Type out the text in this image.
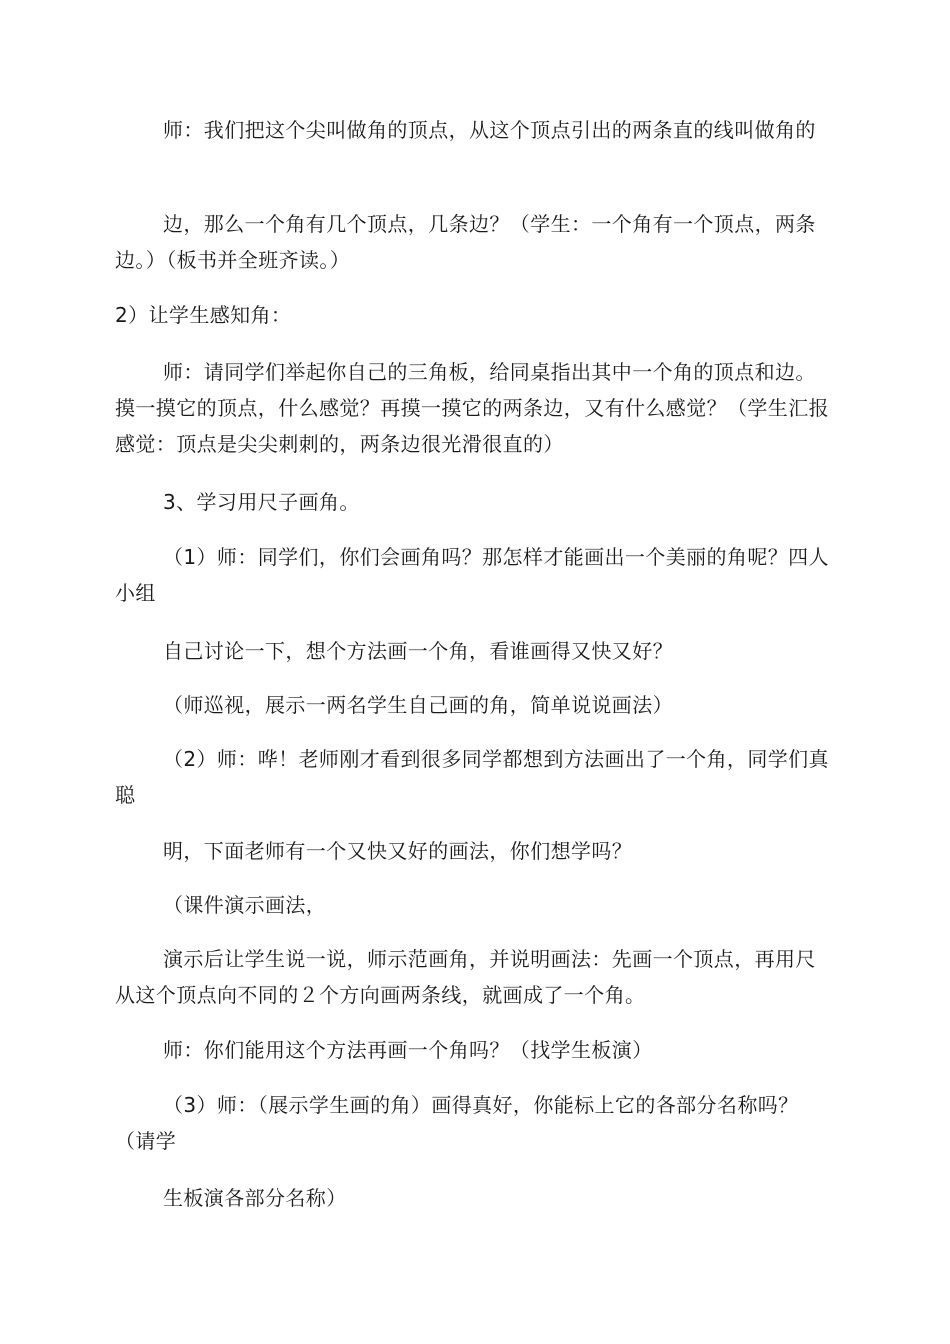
师：我们把这个尖叫做角的顶点，从这个顶点引出的两条直的线叫做角的

边，那么一个角有几个顶点，几条边？（学生：一个角有一个顶点，两条边。）（板书并全班齐读。）

2）让学生感知角：

师：请同学们举起你自己的三角板，给同桌指出其中一个角的顶点和边。摸一摸它的顶点，什么感觉？再摸一摸它的两条边，又有什么感觉？（学生汇报感觉：顶点是尖尖刺刺的，两条边很光滑很直的）

3、学习用尺子画角。

（1）师：同学们，你们会画角吗？那怎样才能画出一个美丽的角呢？四人小组

自己讨论一下，想个方法画一个角，看谁画得又快又好？

（师巡视，展示一两名学生自己画的角，简单说说画法）

（2）师：哗！老师刚才看到很多同学都想到方法画出了一个角，同学们真聪

明，下面老师有一个又快又好的画法，你们想学吗？

（课件演示画法，

演示后让学生说一说，师示范画角，并说明画法：先画一个顶点，再用尺从这个顶点向不同的２个方向画两条线，就画成了一个角。

师：你们能用这个方法再画一个角吗？（找学生板演）

（3）师：（展示学生画的角）画得真好，你能标上它的各部分名称吗？（请学

生板演各部分名称）
